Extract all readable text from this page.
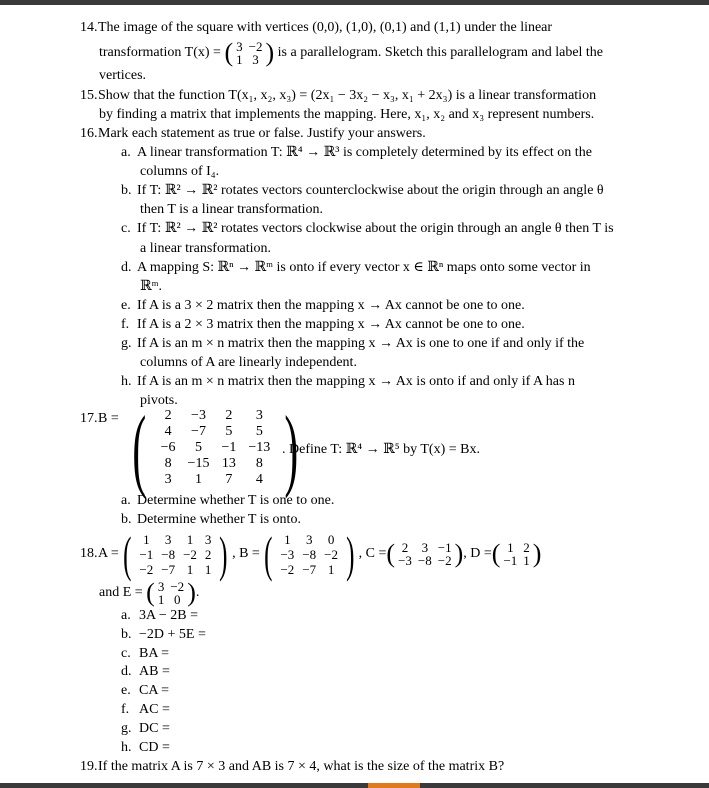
14.The image of the square with vertices (0,0), (1,0), (0,1) and (1,1) under the linear
transformation T(x) = ( 3	−2
1	3 ) is a parallelogram. Sketch this parallelogram and label the
vertices.
15.Show that the function T(x₁, x₂, x₃) = (2x₁ − 3x₂ − x₃, x₁ + 2x₃) is a linear transformation
by finding a matrix that implements the mapping. Here, x₁, x₂ and x₃ represent numbers.
16.Mark each statement as true or false. Justify your answers.
a. A linear transformation T: ℝ⁴ → ℝ³ is completely determined by its effect on the
columns of I₄.
b. If T: ℝ² → ℝ² rotates vectors counterclockwise about the origin through an angle θ
then T is a linear transformation.
c. If T: ℝ² → ℝ² rotates vectors clockwise about the origin through an angle θ then T is
a linear transformation.
d. A mapping S: ℝⁿ → ℝᵐ is onto if every vector x ∈ ℝⁿ maps onto some vector in
ℝᵐ.
e. If A is a 3 × 2 matrix then the mapping x → Ax cannot be one to one.
f. If A is a 2 × 3 matrix then the mapping x → Ax cannot be one to one.
g. If A is an m × n matrix then the mapping x → Ax is one to one if and only if the
columns of A are linearly independent.
h. If A is an m × n matrix then the mapping x → Ax is onto if and only if A has n
pivots.
17.B = ( 2	−3	2	3
4	−7	5	5
−6	5	−1	−13
8	−15	13	8
3	1	7	4 )
. Define T: ℝ⁴ → ℝ⁵ by T(x) = Bx.
a. Determine whether T is one to one.
b. Determine whether T is onto.
18. A = ( 1	3	1	3
−1	−8	−2	2
−2	−7	1	1 ) , B = ( 1	3	0
−3	−8	−2
−2	−7	1 ) , C = ( 2	3	−1
−3	−8	−2 ) , D = ( 1	2
−1	1 )
and E =
( 3	−2
1	0 ) .
a. 3A − 2B =
b. −2D + 5E =
c. BA =
d. AB =
e. CA =
f. AC =
g. DC =
h. CD =
19.If the matrix A is 7 × 3 and AB is 7 × 4, what is the size of the matrix B?
